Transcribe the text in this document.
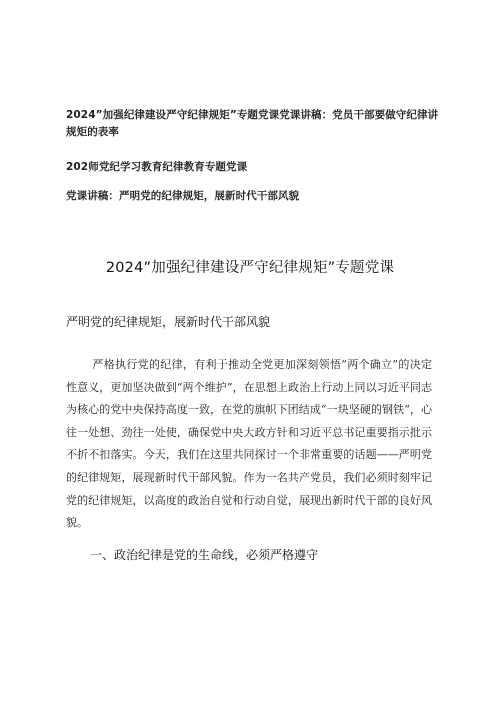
2024”加强纪律建设严守纪律规矩”专题党课党课讲稿：党员干部要做守纪律讲规矩的表率
202师党纪学习教育纪律教育专题党课
党课讲稿：严明党的纪律规矩，展新时代干部风貌
2024”加强纪律建设严守纪律规矩”专题党课
严明党的纪律规矩，展新时代干部风貌

严格执行党的纪律，有利于推动全党更加深刻领悟“两个确立”的决定性意义，更加坚决做到“两个维护”，在思想上政治上行动上同以习近平同志为核心的党中央保持高度一致，在党的旗帜下团结成“一块坚硬的钢铁“，心往一处想、劲往一处使，确保党中央大政方针和习近平总书记重要指示批示不折不扣落实。今天，我们在这里共同探讨一个非常重要的话题——严明党的纪律规矩，展现新时代干部风貌。作为一名共产党员，我们必须时刻牢记党的纪律规矩，以高度的政治自觉和行动自觉，展现出新时代干部的良好风貌。

一、政治纪律是党的生命线，必须严格遵守
